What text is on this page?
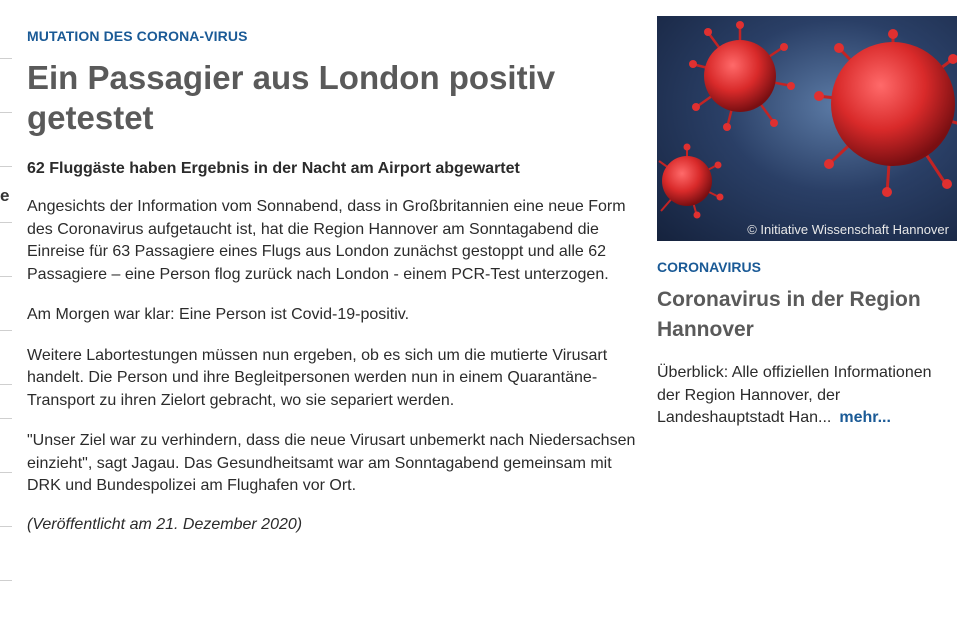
e
MUTATION DES CORONA-VIRUS
Ein Passagier aus London positiv getestet
62 Fluggäste haben Ergebnis in der Nacht am Airport abgewartet

Angesichts der Information vom Sonnabend, dass in Großbritannien eine neue Form des Coronavirus aufgetaucht ist, hat die Region Hannover am Sonntagabend die Einreise für 63 Passagiere eines Flugs aus London zunächst gestoppt und alle 62 Passagiere – eine Person flog zurück nach London - einem PCR-Test unterzogen.

Am Morgen war klar: Eine Person ist Covid-19-positiv.

Weitere Labortestungen müssen nun ergeben, ob es sich um die mutierte Virusart handelt. Die Person und ihre Begleitpersonen werden nun in einem Quarantäne-Transport zu ihren Zielort gebracht, wo sie separiert werden.

"Unser Ziel war zu verhindern, dass die neue Virusart unbemerkt nach Niedersachsen einzieht", sagt Jagau. Das Gesundheitsamt war am Sonntagabend gemeinsam mit DRK und Bundespolizei am Flughafen vor Ort.

(Veröffentlicht am 21. Dezember 2020)

© Initiative Wissenschaft Hannover
CORONAVIRUS
Coronavirus in der Region Hannover
Überblick: Alle offiziellen Informationen der Region Hannover, der Landeshauptstadt Han... mehr...
